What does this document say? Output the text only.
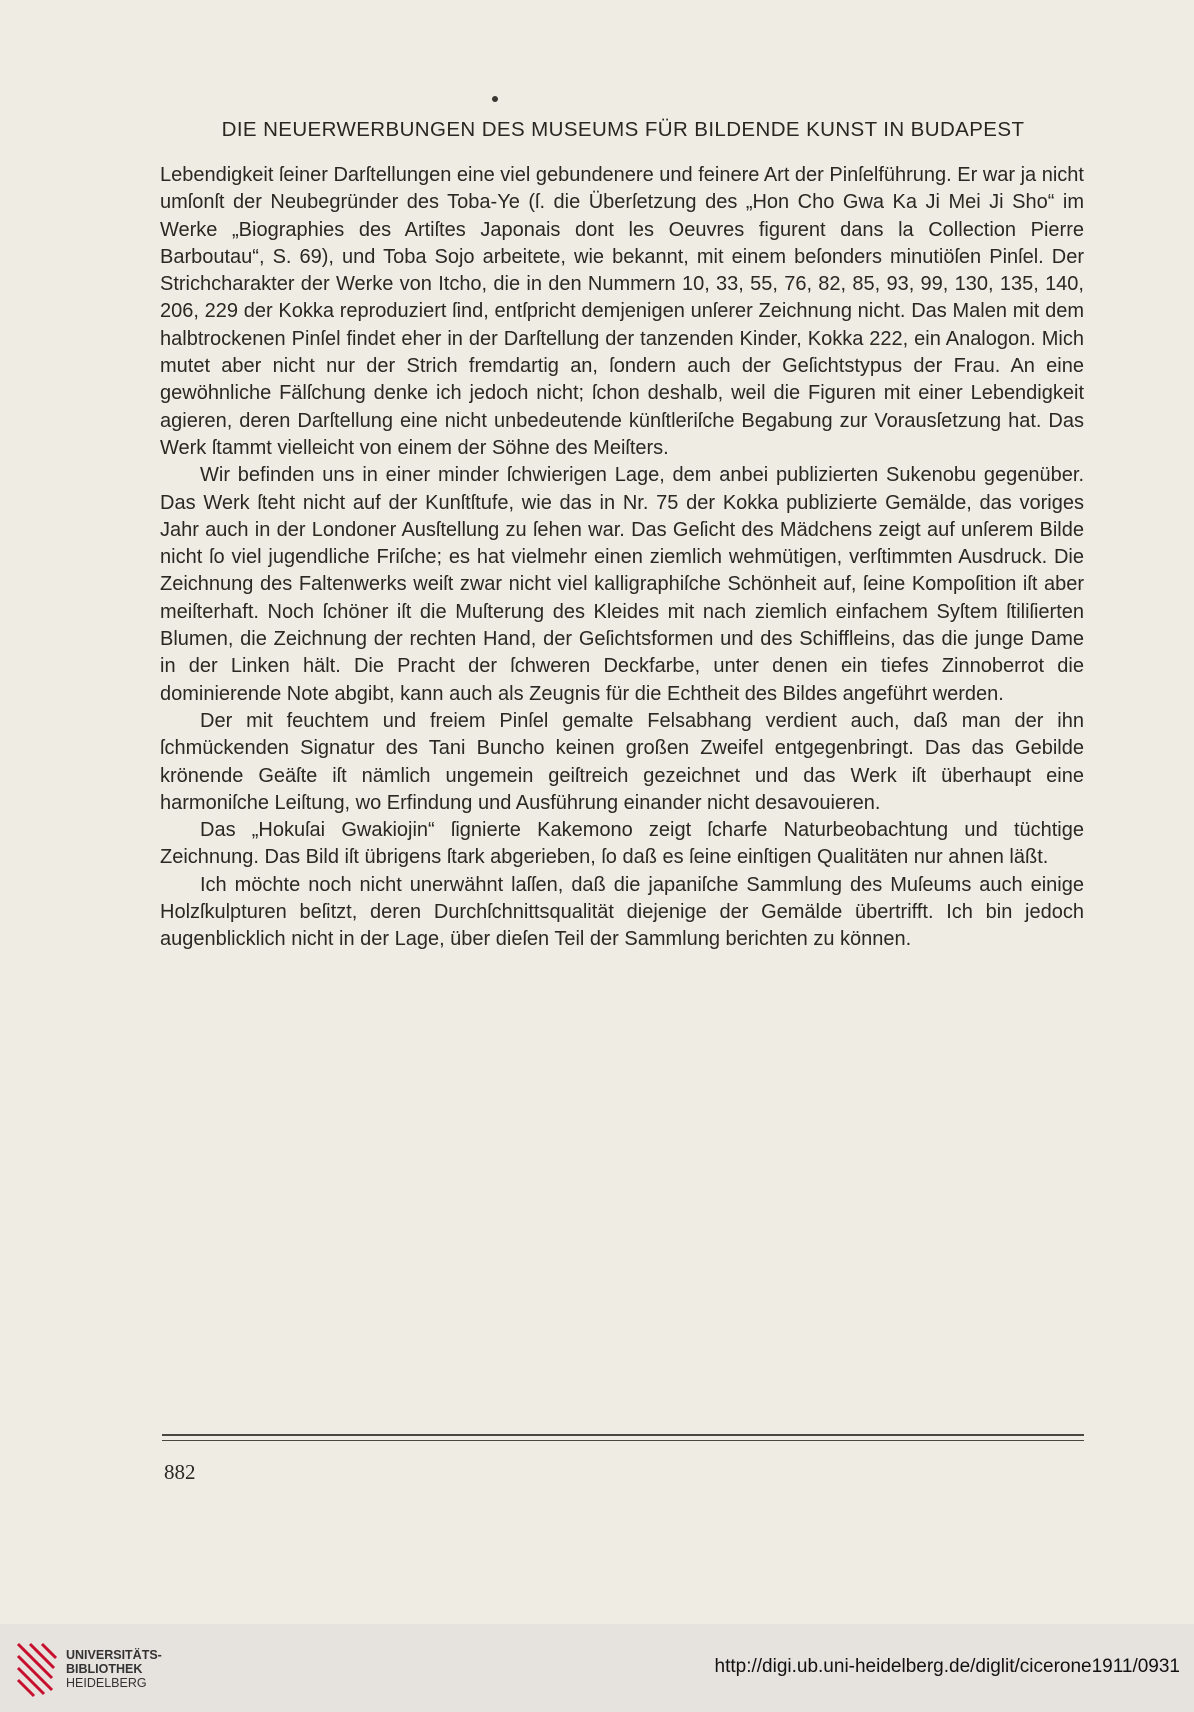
DIE NEUERWERBUNGEN DES MUSEUMS FÜR BILDENDE KUNST IN BUDAPEST

Lebendigkeit ſeiner Darſtellungen eine viel gebundenere und feinere Art der Pinſelführung. Er war ja nicht umſonſt der Neubegründer des Toba-Ye (ſ. die Überſetzung des „Hon Cho Gwa Ka Ji Mei Ji Sho“ im Werke „Biographies des Artiſtes Japonais dont les Oeuvres figurent dans la Collection Pierre Barboutau“, S. 69), und Toba Sojo arbeitete, wie bekannt, mit einem beſonders minutiöſen Pinſel. Der Strichcharakter der Werke von Itcho, die in den Nummern 10, 33, 55, 76, 82, 85, 93, 99, 130, 135, 140, 206, 229 der Kokka reproduziert ſind, entſpricht demjenigen unſerer Zeichnung nicht. Das Malen mit dem halbtrockenen Pinſel findet eher in der Darſtellung der tanzenden Kinder, Kokka 222, ein Analogon. Mich mutet aber nicht nur der Strich fremdartig an, ſondern auch der Geſichtstypus der Frau. An eine gewöhnliche Fälſchung denke ich jedoch nicht; ſchon deshalb, weil die Figuren mit einer Lebendigkeit agieren, deren Darſtellung eine nicht unbedeutende künſtleriſche Begabung zur Vorausſetzung hat. Das Werk ſtammt vielleicht von einem der Söhne des Meiſters.

Wir befinden uns in einer minder ſchwierigen Lage, dem anbei publizierten Sukenobu gegenüber. Das Werk ſteht nicht auf der Kunſtſtufe, wie das in Nr. 75 der Kokka publizierte Gemälde, das voriges Jahr auch in der Londoner Ausſtellung zu ſehen war. Das Geſicht des Mädchens zeigt auf unſerem Bilde nicht ſo viel jugendliche Friſche; es hat vielmehr einen ziemlich wehmütigen, verſtimmten Ausdruck. Die Zeichnung des Faltenwerks weiſt zwar nicht viel kalligraphiſche Schönheit auf, ſeine Kompoſition iſt aber meiſterhaft. Noch ſchöner iſt die Muſterung des Kleides mit nach ziemlich einfachem Syſtem ſtiliſierten Blumen, die Zeichnung der rechten Hand, der Geſichtsformen und des Schiffleins, das die junge Dame in der Linken hält. Die Pracht der ſchweren Deckfarbe, unter denen ein tiefes Zinnoberrot die dominierende Note abgibt, kann auch als Zeugnis für die Echtheit des Bildes angeführt werden.

Der mit feuchtem und freiem Pinſel gemalte Felsabhang verdient auch, daß man der ihn ſchmückenden Signatur des Tani Buncho keinen großen Zweifel entgegenbringt. Das das Gebilde krönende Geäſte iſt nämlich ungemein geiſtreich gezeichnet und das Werk iſt überhaupt eine harmoniſche Leiſtung, wo Erfindung und Ausführung einander nicht desavouieren.

Das „Hokuſai Gwakiojin“ ſignierte Kakemono zeigt ſcharfe Naturbeobachtung und tüchtige Zeichnung. Das Bild iſt übrigens ſtark abgerieben, ſo daß es ſeine einſtigen Qualitäten nur ahnen läßt.

Ich möchte noch nicht unerwähnt laſſen, daß die japaniſche Sammlung des Muſeums auch einige Holzſkulpturen beſitzt, deren Durchſchnittsqualität diejenige der Gemälde übertrifft. Ich bin jedoch augenblicklich nicht in der Lage, über dieſen Teil der Sammlung berichten zu können.

882
UNIVERSITÄTS-
BIBLIOTHEK
HEIDELBERG
http://digi.ub.uni-heidelberg.de/diglit/cicerone1911/0931
